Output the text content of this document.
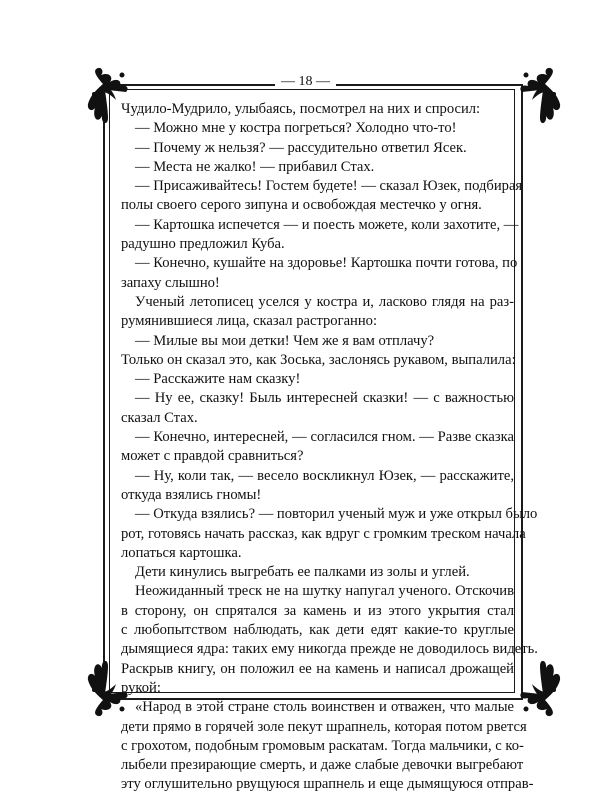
— 18 —
Чудило-Мудрило, улыбаясь, посмотрел на них и спросил:
— Можно мне у костра погреться? Холодно что-то!
— Почему ж нельзя? — рассудительно ответил Ясек.
— Места не жалко! — прибавил Стах.
— Присаживайтесь! Гостем будете! — сказал Юзек, подбирая
полы своего серого зипуна и освобождая местечко у огня.
— Картошка испечется — и поесть можете, коли захотите, —
радушно предложил Куба.
— Конечно, кушайте на здоровье! Картошка почти готова, по
запаху слышно!
Ученый летописец уселся у костра и, ласково глядя на раз-
румянившиеся лица, сказал растроганно:
— Милые вы мои детки! Чем же я вам отплачу?
Только он сказал это, как Зоська, заслонясь рукавом, выпалила:
— Расскажите нам сказку!
— Ну ее, сказку! Быль интересней сказки! — с важностью
сказал Стах.
— Конечно, интересней, — согласился гном. — Разве сказка
может с правдой сравниться?
— Ну, коли так, — весело воскликнул Юзек, — расскажите,
откуда взялись гномы!
— Откуда взялись? — повторил ученый муж и уже открыл было
рот, готовясь начать рассказ, как вдруг с громким треском начала
лопаться картошка.
Дети кинулись выгребать ее палками из золы и углей.
Неожиданный треск не на шутку напугал ученого. Отскочив
в сторону, он спрятался за камень и из этого укрытия стал
с любопытством наблюдать, как дети едят какие-то круглые
дымящиеся ядра: таких ему никогда прежде не доводилось видеть.
Раскрыв книгу, он положил ее на камень и написал дрожащей
рукой:
«Народ в этой стране столь воинствен и отважен, что малые
дети прямо в горячей золе пекут шрапнель, которая потом рвется
с грохотом, подобным громовым раскатам. Тогда мальчики, с ко-
лыбели презирающие смерть, и даже слабые девочки выгребают
эту оглушительно рвущуюся шрапнель и еще дымящуюся отправ-
